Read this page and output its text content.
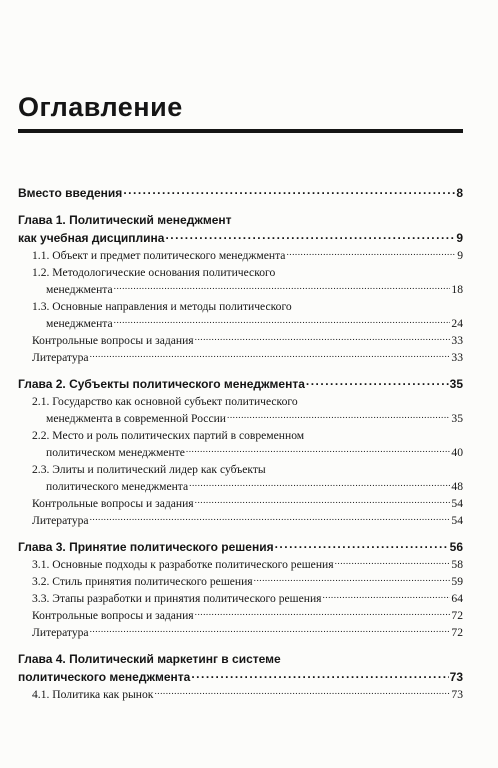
Оглавление
Вместо введения .....	8
Глава 1. Политический менеджмент
как учебная дисциплина .....	9
1.1. Объект и предмет политического менеджмента .....	9
1.2. Методологические основания политического
менеджмента .....	18
1.3. Основные направления и методы политического
менеджмента .....	24
Контрольные вопросы и задания .....	33
Литература .....	33
Глава 2. Субъекты политического менеджмента .....	35
2.1. Государство как основной субъект политического
менеджмента в современной России .....	35
2.2. Место и роль политических партий в современном
политическом менеджменте .....	40
2.3. Элиты и политический лидер как субъекты
политического менеджмента .....	48
Контрольные вопросы и задания .....	54
Литература .....	54
Глава 3. Принятие политического решения .....	56
3.1. Основные подходы к разработке политического решения .....	58
3.2. Стиль принятия политического решения .....	59
3.3. Этапы разработки и принятия политического решения .....	64
Контрольные вопросы и задания .....	72
Литература .....	72
Глава 4. Политический маркетинг в системе
политического менеджмента .....	73
4.1. Политика как рынок .....	73
